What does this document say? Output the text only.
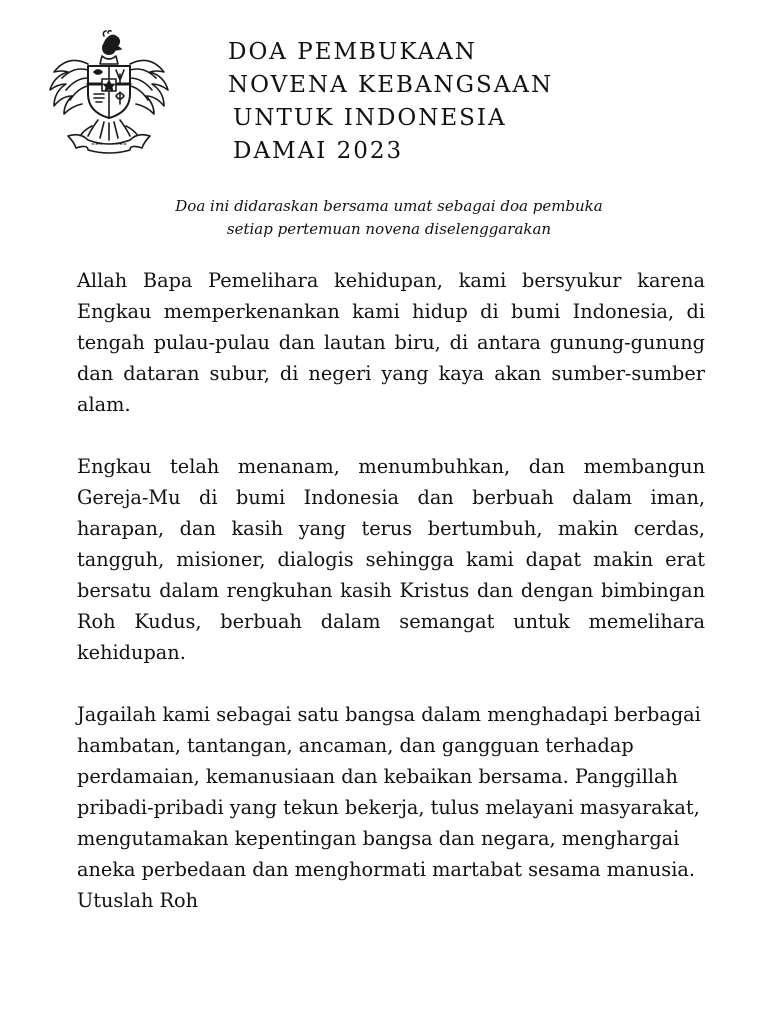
DOA PEMBUKAAN
NOVENA KEBANGSAAN
UNTUK INDONESIA
DAMAI 2023
Doa ini didaraskan bersama umat sebagai doa pembuka
setiap pertemuan novena diselenggarakan

Allah Bapa Pemelihara kehidupan, kami bersyukur karena Engkau memperkenankan kami hidup di bumi Indonesia, di tengah pulau-pulau dan lautan biru, di antara gunung-gunung dan dataran subur, di negeri yang kaya akan sumber-sumber alam.

Engkau telah menanam, menumbuhkan, dan membangun Gereja-Mu di bumi Indonesia dan berbuah dalam iman, harapan, dan kasih yang terus bertumbuh, makin cerdas, tangguh, misioner, dialogis sehingga kami dapat makin erat bersatu dalam rengkuhan kasih Kristus dan dengan bimbingan Roh Kudus, berbuah dalam semangat untuk memelihara kehidupan.

Jagailah kami sebagai satu bangsa dalam menghadapi berbagai hambatan, tantangan, ancaman, dan gangguan terhadap perdamaian, kemanusiaan dan kebaikan bersama. Panggillah pribadi-pribadi yang tekun bekerja, tulus melayani masyarakat, mengutamakan kepentingan bangsa dan negara, menghargai aneka perbedaan dan menghormati martabat sesama manusia. Utuslah Roh
